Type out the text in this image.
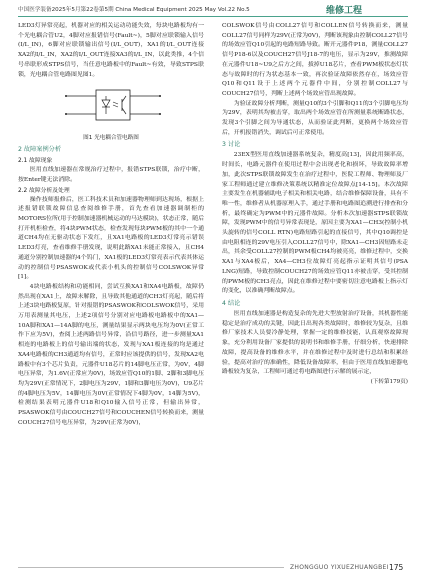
中国医学装备2025年5月第22卷第5期 China Medical Equipment 2025 May Vol.22 No.5	维修工程

LED3灯异常亮起，机器对应的相关运动功能失效，每块电路板均有一个光电耦合管U2，4脚对应报错信号(Fault~)，5脚对应联锁输入信号(I/L_IN)，6脚对应联锁输出信号(I/L_OUT)，XA1的I/L_OUT连接XA2的I/L_IN，XA2的I/L_OUT连接XA3的I/L_IN，以此类推，4个信号串联形成STPS信号，当任意电路板中的Fault~有效，导致STPS联锁，光电耦合管电路图见图1。

图1 光电耦合管电路图
2 故障案例分析
2.1 故障现象

医用直线加速器在常规治疗过程中，报错STPS联锁，治疗中断，按Enter键无法消除。

2.2 故障分析及处理

操作技师报修后，医工科技术员和加速器物理师到达现场，根据上述报错联锁故障信息查阅维修手册，首先查看加速器调制柜的MOTORS位所(用于控制加速器机械运动的马达模块)，状态正常，随后打开机柜检查，将4块PWM状态，检查发现每块PWM板的其中一个通道CH4均在无驱动状态下发红，且XA1电路板的LED3灯常亮示错误LED3灯亮，查看维修手册发现，说明此路XA1未能正常接入，且CH4通道分别控制加速器的4个钨门，XA1板的LED3灯常亮表示代表其体运动的控制信号PSASWOK或代表小机头的控制信号COLSWOK异常[1]。

4块电路板结构和功能相同，尝试互换XA1和XA4电路板，故障仍然出现在XA1上，故障未解除，且导致其他通道的CH3灯亮起，随后将上述3块电路板复原，针对报错的PSASWOK和COLSWOK信号，采用万用表测量其电压，上述2项信号分别对应电路板电路板中的XA1—10A脚和XA1—14A脚的电压，测量结果显示两块电压均为0V(正常工作下应为5V)，查阅上述两路信号异常，沿信号路径，进一步测量XA1相连的电路板上的信号输出端的状态，发现与XA1板连接的均是通过XA4电路板的CH3通道均有信号，正常时应该提供的信号，发现XA2电路板中有3个芯片负责，元器件U18芯片的14脚电压正常，为0V，4脚电压异常，为1.6V(正常应为0V)，场效应管Q10的1脚、2脚和3脚电压均为29V(正常情况下，2脚电压为29V，1脚和3脚电压为0V)，U9芯片的4脚电压为5V，14脚电压为0V(正常情况下4脚为0V，14脚为5V)，检测结果表明元器件U18和Q10输入信号正常，但输出异常，PSASWOK信号由COUCH27信号和COUCHEN信号转换而来，测量COUCH27信号电压异常，为29V(正常为0V)，

COLSWOK信号由COLL27信号和COLLEN信号转换而来，测量COLL27信号同样为29V(正常为0V)，判断该现象由控制COLL27信号的场效应管Q10引起的电路短路导致。断开元器件P18，测量COLL27信号P18-6以及COUCH27信号J18-7的电压，显示为29V，推测故障在元器件U18~U9之后方之间，拔掉U18芯片，查看PWM板状态灯状态与故障时的行为状态基本一致，再次验证故障依然存在，场效应管Q10和Q11设于上述两个元器件中间，分别控制COLL27与COUCH27信号，判断上述两个场效应管出现故障。

为验证故障分析判断，测量Q10的3个引脚和Q11的3个引脚电压均为29V，表明其均被击穿，取出两个场效应管在所测量系统断路状态，发现3个引脚之间为导通状态，从而验证此判断，更换两个场效应管后，开机报错消失，调试后可正常使用。

3 讨论

23EX型医用直线加速器系统复杂，精度高[13]，因此用频率高，时间长，电路元器件在使用过程中会出现老化和损坏，导致故障率增加，此次STPS联锁故障发生在治疗过程中，医院工程师、物理师及厂家工程师通过建立维修决策系统以精准定位故障点[14-15]。本次故障主要发生在机器辅助电子相关和相关电路，结合维修保障设备，具有不唯一性，维修者从机器原理入手，通过手册和电路图追溯进行排查和分析，最终确定为PWM中的元器件故障。分析本次加速器STPS联锁故障，发现PWM中的信号异常表现是，原因主要为XA1—CH3(控制小机头旋转的信号COLL RTN)电路短路引起的直接信号，其中Q10调控是由电阻相连的29V电压引入COLL27信号中，除XA1—CH3因短路未走出，其余受COLL27控制的PWM板CH4均被亮亮，维修过程中，交换XA1与XA4板后，XA4—CH3位故障灯亮起指示证明其信号(PSA LNG)短路，导致控制COUCH27的场效应管Q11亦被击穿，受其控制的PWM板的CH3亮点，因此在维修过程中要密切注意电路板上指示灯的变化，以准确判断故障点。

4 结论

医用直线加速器是构造复杂的先进大型放射治疗设备，其机器性能稳定是治疗成功的关键，因此日出现各类故障时，维修较为复杂，且维修厂家技术人员要冷静处理，掌握一定的维修技能，认真观察故障现象，充分利用设备厂家提供的说明书和维修手册，仔细分析，快速排除故障，提高设备的维修水平，并在维修过程中及时进行总结和积累经验，提高对治疗的准确性，降低设备故障率，但由于医用直线加速器电路板较为复杂，工程师可通过将电路图进行示解的展示定，

(下转第179页)
ZHONGGUO YIXUEZHUANGBEI 175
